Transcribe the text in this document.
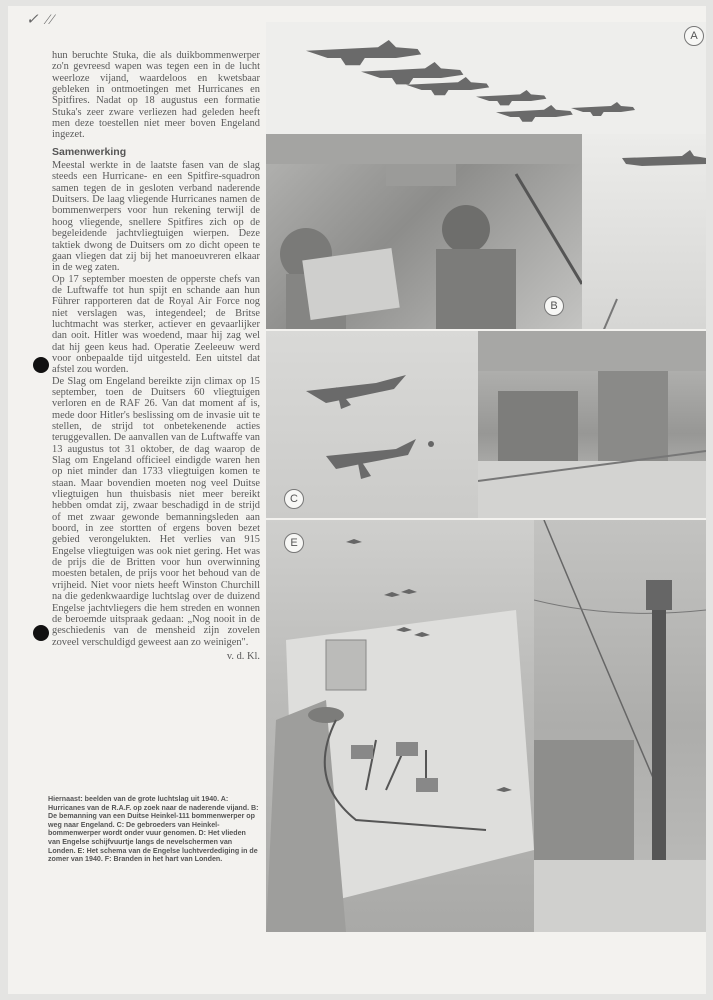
✓ ⁄⁄

hun beruchte Stuka, die als duikbommenwerper zo'n gevreesd wapen was tegen een in de lucht weerloze vijand, waardeloos en kwetsbaar gebleken in ontmoetingen met Hurricanes en Spitfires. Nadat op 18 augustus een formatie Stuka's zeer zware verliezen had geleden heeft men deze toestellen niet meer boven Engeland ingezet.

Samenwerking

Meestal werkte in de laatste fasen van de slag steeds een Hurricane- en een Spitfire-squadron samen tegen de in gesloten verband naderende Duitsers. De laag vliegende Hurricanes namen de bommenwerpers voor hun rekening terwijl de hoog vliegende, snellere Spitfires zich op de begeleidende jachtvliegtuigen wierpen. Deze taktiek dwong de Duitsers om zo dicht opeen te gaan vliegen dat zij bij het manoeuvreren elkaar in de weg zaten.

Op 17 september moesten de opperste chefs van de Luftwaffe tot hun spijt en schande aan hun Führer rapporteren dat de Royal Air Force nog niet verslagen was, integendeel; de Britse luchtmacht was sterker, actiever en gevaarlijker dan ooit. Hitler was woedend, maar hij zag wel dat hij geen keus had. Operatie Zeeleeuw werd voor onbepaalde tijd uitgesteld. Een uitstel dat afstel zou worden.

De Slag om Engeland bereikte zijn climax op 15 september, toen de Duitsers 60 vliegtuigen verloren en de RAF 26. Van dat moment af is, mede door Hitler's beslissing om de invasie uit te stellen, de strijd tot onbetekenende acties teruggevallen. De aanvallen van de Luftwaffe van 13 augustus tot 31 oktober, de dag waarop de Slag om Engeland officieel eindigde waren hen op niet minder dan 1733 vliegtuigen komen te staan. Maar bovendien moeten nog veel Duitse vliegtuigen hun thuisbasis niet meer bereikt hebben omdat zij, zwaar beschadigd in de strijd of met zwaar gewonde bemanningsleden aan boord, in zee stortten of ergens boven bezet gebied verongelukten. Het verlies van 915 Engelse vliegtuigen was ook niet gering. Het was de prijs die de Britten voor hun overwinning moesten betalen, de prijs voor het behoud van de vrijheid. Niet voor niets heeft Winston Churchill na die gedenkwaardige luchtslag over de duizend Engelse jachtvliegers die hem streden en wonnen de beroemde uitspraak gedaan: „Nog nooit in de geschiedenis van de mensheid zijn zovelen zoveel verschuldigd geweest aan zo weinigen".

v. d. Kl.

Hiernaast: beelden van de grote luchtslag uit 1940. A: Hurricanes van de R.A.F. op zoek naar de naderende vijand. B: De bemanning van een Duitse Heinkel-111 bommenwerper op weg naar Engeland. C: De gebroeders van Heinkel-bommenwerper wordt onder vuur genomen. D: Het vlieden van Engelse schijfvuurtje langs de nevelschermen van Londen. E: Het schema van de Engelse luchtverdediging in de zomer van 1940. F: Branden in het hart van Londen.
A
B
C
E
